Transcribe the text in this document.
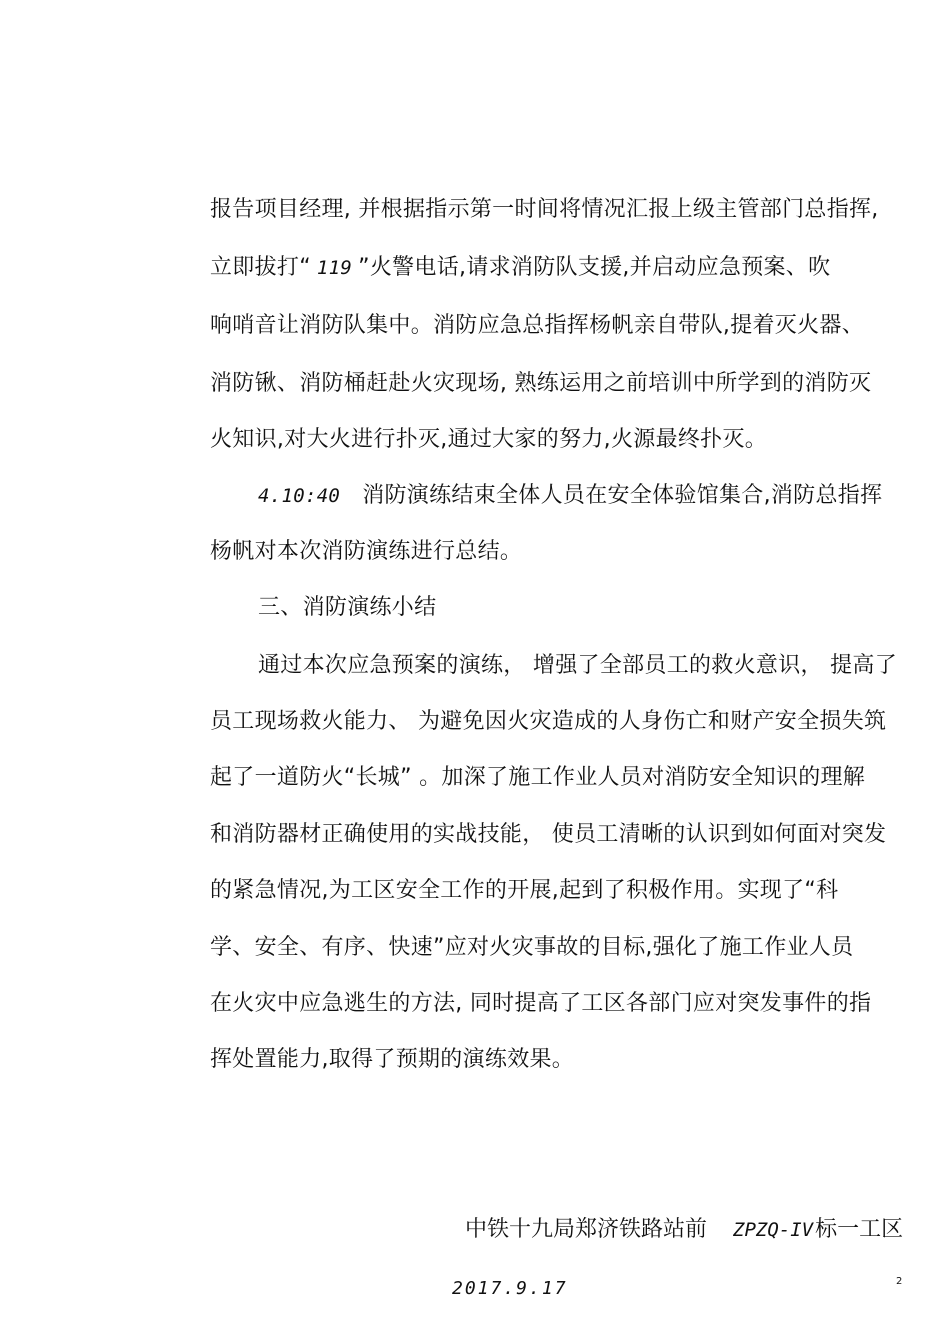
报告项目经理, 并根据指示第一时间将情况汇报上级主管部门总指挥,
立即拔打“ 119 ”火警电话,请求消防队支援,并启动应急预案、吹
响哨音让消防队集中。消防应急总指挥杨帆亲自带队,提着灭火器、
消防锹、消防桶赶赴火灾现场, 熟练运用之前培训中所学到的消防灭
火知识,对大火进行扑灭,通过大家的努力,火源最终扑灭。
4.10:40 消防演练结束全体人员在安全体验馆集合,消防总指挥
杨帆对本次消防演练进行总结。
三、消防演练小结
通过本次应急预案的演练， 增强了全部员工的救火意识， 提高了
员工现场救火能力、 为避免因火灾造成的人身伤亡和财产安全损失筑
起了一道防火“长城” 。加深了施工作业人员对消防安全知识的理解
和消防器材正确使用的实战技能， 使员工清晰的认识到如何面对突发
的紧急情况,为工区安全工作的开展,起到了积极作用。实现了“科
学、安全、有序、快速”应对火灾事故的目标,强化了施工作业人员
在火灾中应急逃生的方法, 同时提高了工区各部门应对突发事件的指
挥处置能力,取得了预期的演练效果。
中铁十九局郑济铁路站前 ZPZQ-IV标一工区
2017.9.17	2
